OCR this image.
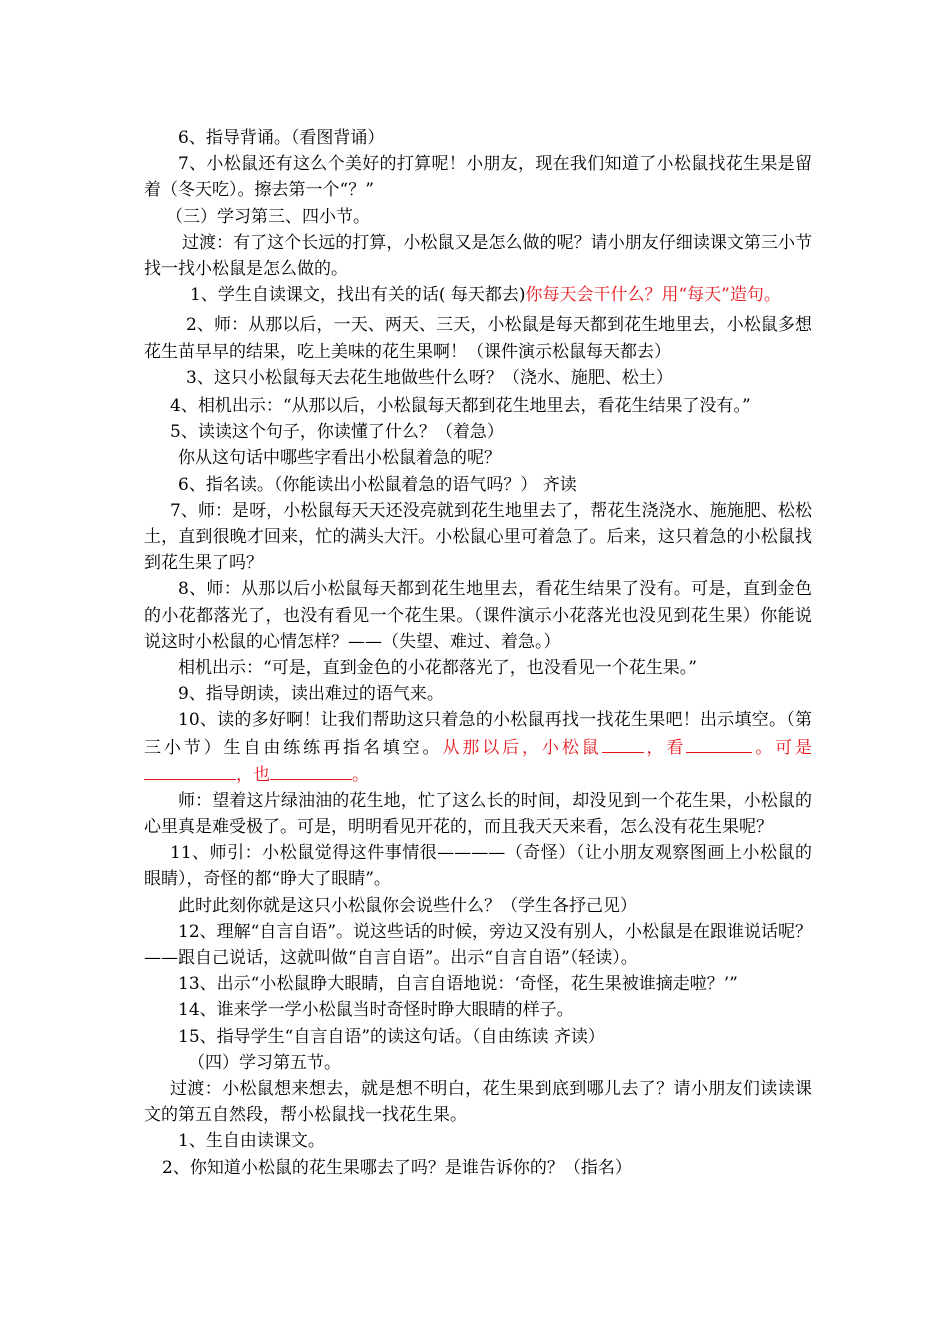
6、指导背诵。（看图背诵）

7、小松鼠还有这么个美好的打算呢！小朋友，现在我们知道了小松鼠找花生果是留着（冬天吃）。擦去第一个“？”

（三）学习第三、四小节。

过渡：有了这个长远的打算，小松鼠又是怎么做的呢？请小朋友仔细读课文第三小节找一找小松鼠是怎么做的。

1、学生自读课文，找出有关的话( 每天都去)你每天会干什么？用“每天”造句。

2、师：从那以后，一天、两天、三天，小松鼠是每天都到花生地里去，小松鼠多想花生苗早早的结果，吃上美味的花生果啊！（课件演示松鼠每天都去）

3、这只小松鼠每天去花生地做些什么呀？（浇水、施肥、松土）

4、相机出示：“从那以后，小松鼠每天都到花生地里去，看花生结果了没有。”

5、读读这个句子，你读懂了什么？（着急）

你从这句话中哪些字看出小松鼠着急的呢？

6、指名读。（你能读出小松鼠着急的语气吗？） 齐读

7、师：是呀，小松鼠每天天还没亮就到花生地里去了，帮花生浇浇水、施施肥、松松土，直到很晚才回来，忙的满头大汗。小松鼠心里可着急了。后来，这只着急的小松鼠找到花生果了吗？

8、师：从那以后小松鼠每天都到花生地里去，看花生结果了没有。可是，直到金色的小花都落光了，也没有看见一个花生果。（课件演示小花落光也没见到花生果）你能说说这时小松鼠的心情怎样？——（失望、难过、着急。）

相机出示：“可是，直到金色的小花都落光了，也没看见一个花生果。”

9、指导朗读，读出难过的语气来。

10、读的多好啊！让我们帮助这只着急的小松鼠再找一找花生果吧！出示填空。（第三小节）生自由练练再指名填空。从那以后，小松鼠 ，看	。可是，也	。

师：望着这片绿油油的花生地，忙了这么长的时间，却没见到一个花生果，小松鼠的心里真是难受极了。可是，明明看见开花的，而且我天天来看，怎么没有花生果呢？

11、师引：小松鼠觉得这件事情很————（奇怪）（让小朋友观察图画上小松鼠的眼睛），奇怪的都“睁大了眼睛”。

此时此刻你就是这只小松鼠你会说些什么？（学生各抒己见）

12、理解“自言自语”。说这些话的时候，旁边又没有别人，小松鼠是在跟谁说话呢？——跟自己说话，这就叫做“自言自语”。出示“自言自语”（轻读）。

13、出示“小松鼠睁大眼睛，自言自语地说：‘奇怪，花生果被谁摘走啦？’”

14、谁来学一学小松鼠当时奇怪时睁大眼睛的样子。

15、指导学生“自言自语”的读这句话。（自由练读 齐读）

（四）学习第五节。

过渡：小松鼠想来想去，就是想不明白，花生果到底到哪儿去了？请小朋友们读读课文的第五自然段，帮小松鼠找一找花生果。

1、生自由读课文。

2、你知道小松鼠的花生果哪去了吗？是谁告诉你的？（指名）
